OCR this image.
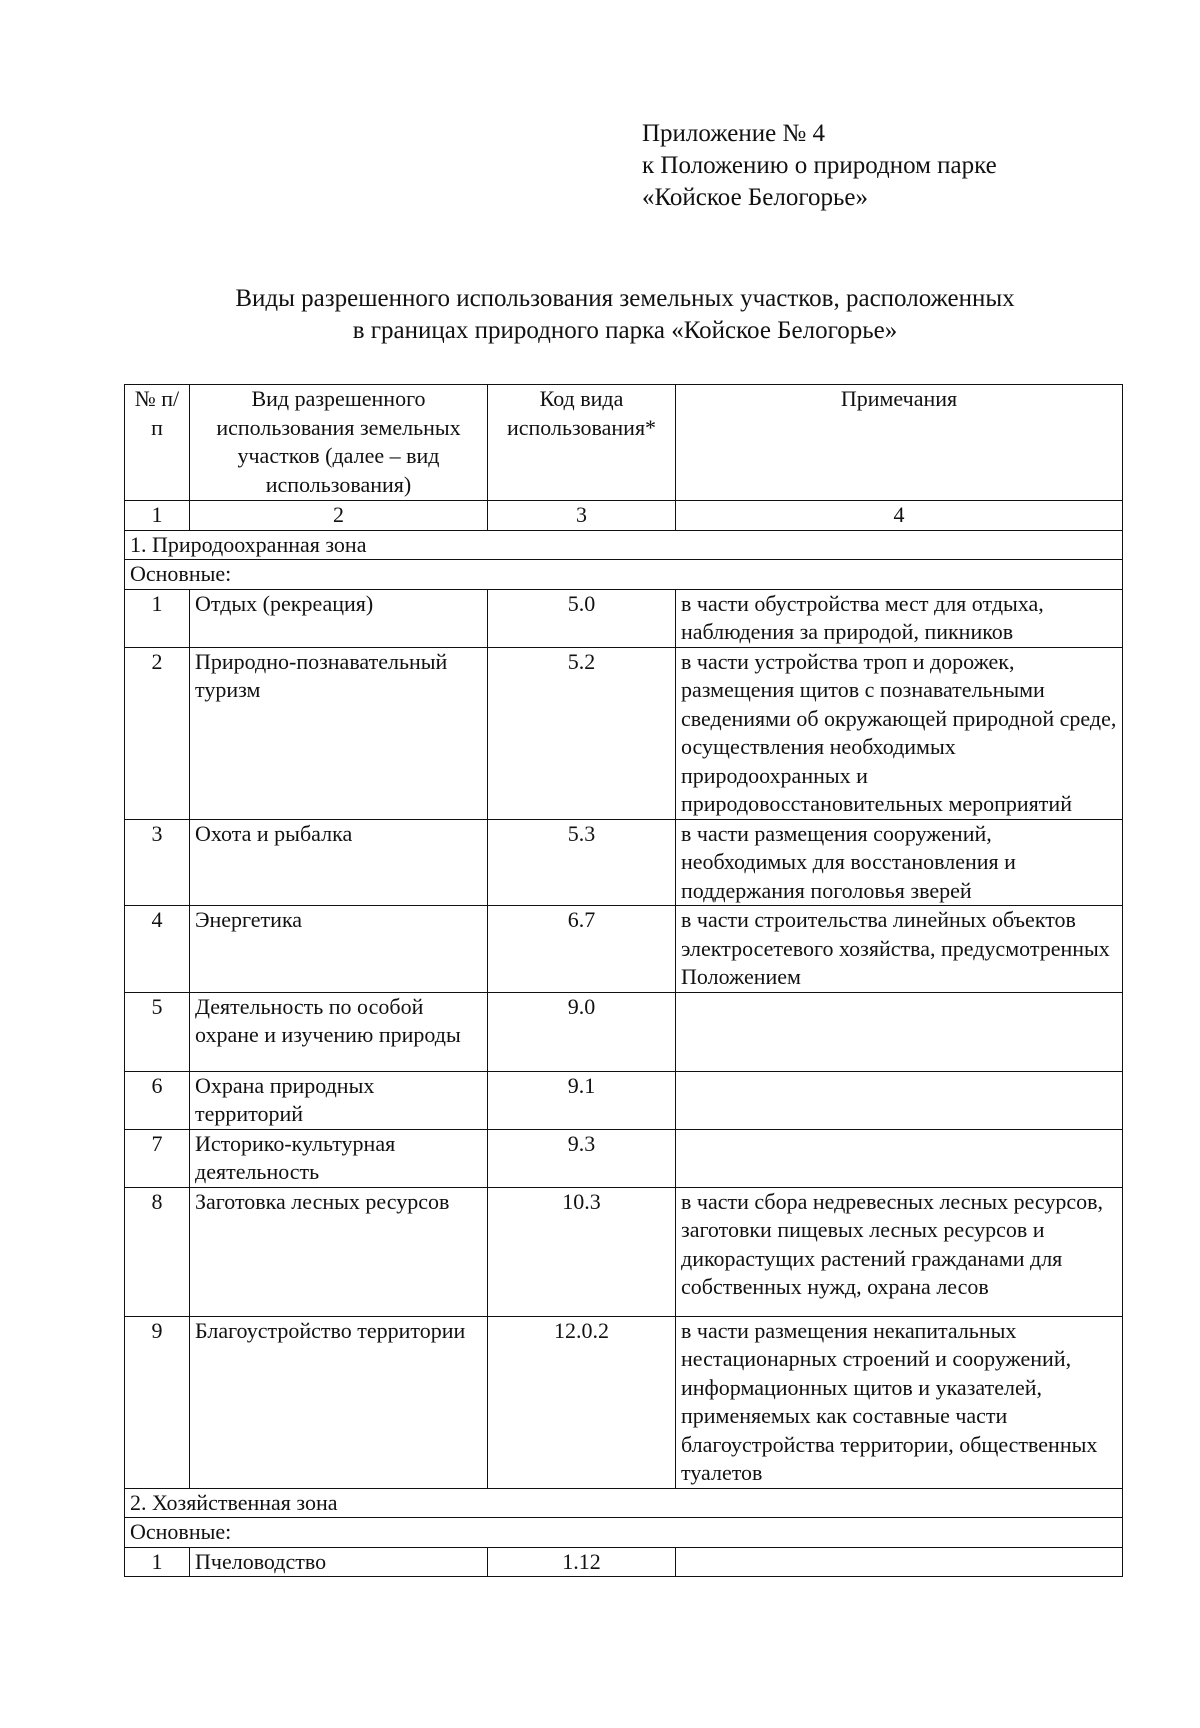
Приложение № 4
к Положению о природном парке
«Койское Белогорье»
Виды разрешенного использования земельных участков, расположенных
в границах природного парка «Койское Белогорье»
№ п/п	Вид разрешенного использования земельных участков (далее – вид использования)	Код вида использования*	Примечания
1	2	3	4
1. Природоохранная зона			
Основные:			
1	Отдых (рекреация)	5.0	в части обустройства мест для отдыха, наблюдения за природой, пикников
2	Природно-познавательный туризм	5.2	в части устройства троп и дорожек, размещения щитов с познавательными сведениями об окружающей природной среде, осуществления необходимых природоохранных и природовосстановительных мероприятий
3	Охота и рыбалка	5.3	в части размещения сооружений, необходимых для восстановления и поддержания поголовья зверей
4	Энергетика	6.7	в части строительства линейных объектов электросетевого хозяйства, предусмотренных Положением
5	Деятельность по особой охране и изучению природы	9.0	
6	Охрана природных территорий	9.1	
7	Историко-культурная деятельность	9.3	
8	Заготовка лесных ресурсов	10.3	в части сбора недревесных лесных ресурсов, заготовки пищевых лесных ресурсов и дикорастущих растений гражданами для собственных нужд, охрана лесов
9	Благоустройство территории	12.0.2	в части размещения некапитальных нестационарных строений и сооружений, информационных щитов и указателей, применяемых как составные части благоустройства территории, общественных туалетов
2. Хозяйственная зона			
Основные:			
1	Пчеловодство	1.12	
